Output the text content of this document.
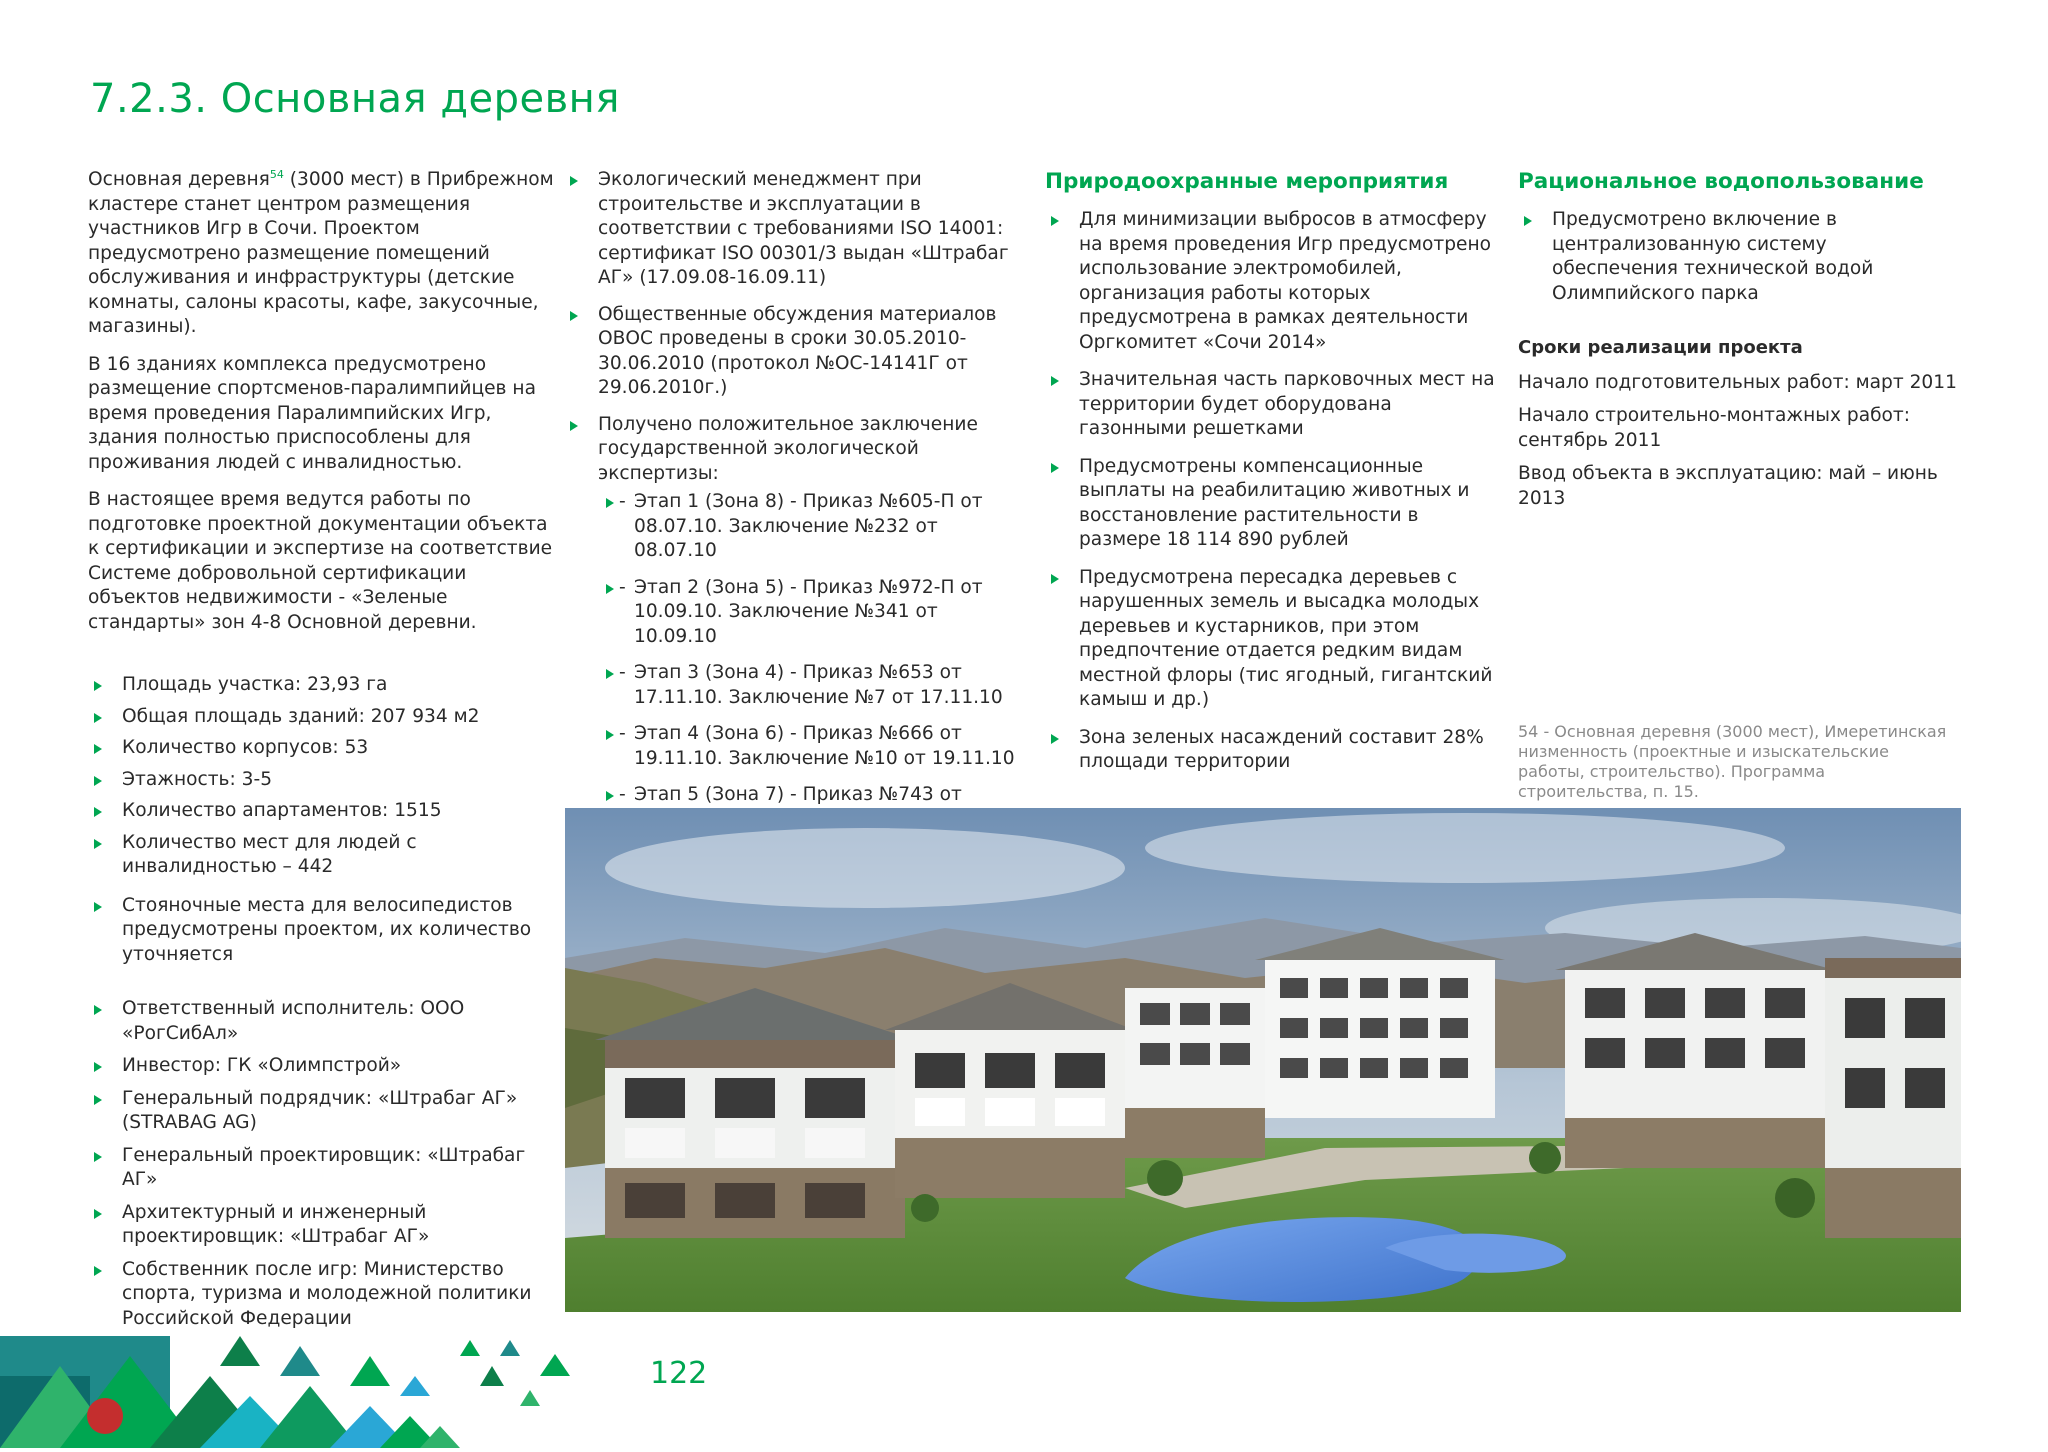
7.2.3. Основная деревня

Основная деревня$^{54}$ (3000 мест) в Прибрежном кластере станет центром размещения участников Игр в Сочи. Проектом предусмотрено размещение помещений обслуживания и инфраструктуры (детские комнаты, салоны красоты, кафе, закусочные, магазины).

В 16 зданиях комплекса предусмотрено размещение спортсменов-паралимпийцев на время проведения Паралимпийских Игр, здания полностью приспособлены для проживания людей с инвалидностью.

В настоящее время ведутся работы по подготовке проектной документации объекта к сертификации и экспертизе на соответствие Системе добровольной сертификации объектов недвижимости - «Зеленые стандарты» зон 4-8 Основной деревни.

Площадь участка: 23,93 га
Общая площадь зданий: 207 934 м2
Количество корпусов: 53
Этажность: 3-5
Количество апартаментов: 1515
Количество мест для людей с инвалидностью – 442
Стояночные места для велосипедистов предусмотрены проектом, их количество уточняется
Ответственный исполнитель: ООО «РогСибАл»
Инвестор: ГК «Олимпстрой»
Генеральный подрядчик: «Штрабаг АГ» (STRABAG AG)
Генеральный проектировщик: «Штрабаг АГ»
Архитектурный и инженерный проектировщик: «Штрабаг АГ»
Собственник после игр: Министерство спорта, туризма и молодежной политики Российской Федерации
Экологический менеджмент при строительстве и эксплуатации в соответствии с требованиями ISO 14001: сертификат ISO 00301/3 выдан «Штрабаг АГ» (17.09.08-16.09.11)
Общественные обсуждения материалов ОВОС проведены в сроки 30.05.2010-30.06.2010 (протокол №ОС-14141Г от 29.06.2010г.)
Получено положительное заключение государственной экологической экспертизы:
- Этап 1 (Зона 8) - Приказ №605-П от 08.07.10. Заключение №232 от 08.07.10
- Этап 2 (Зона 5) - Приказ №972-П от 10.09.10. Заключение №341 от 10.09.10
- Этап 3 (Зона 4) - Приказ №653 от 17.11.10. Заключение №7 от 17.11.10
- Этап 4 (Зона 6) - Приказ №666 от 19.11.10. Заключение №10 от 19.11.10
- Этап 5 (Зона 7) - Приказ №743 от
Природоохранные мероприятия
Для минимизации выбросов в атмосферу на время проведения Игр предусмотрено использование электромобилей, организация работы которых предусмотрена в рамках деятельности Оргкомитет «Сочи 2014»
Значительная часть парковочных мест на территории будет оборудована газонными решетками
Предусмотрены компенсационные выплаты на реабилитацию животных и восстановление растительности в размере 18 114 890 рублей
Предусмотрена пересадка деревьев с нарушенных земель и высадка молодых деревьев и кустарников, при этом предпочтение отдается редким видам местной флоры (тис ягодный, гигантский камыш и др.)
Зона зеленых насаждений составит 28% площади территории
Рациональное водопользование
Предусмотрено включение в централизованную систему обеспечения технической водой Олимпийского парка
Сроки реализации проекта

Начало подготовительных работ: март 2011

Начало строительно-монтажных работ: сентябрь 2011

Ввод объекта в эксплуатацию: май – июнь 2013

54 - Основная деревня (3000 мест), Имеретинская низменность (проектные и изыскательские работы, строительство). Программа строительства, п. 15.
122
